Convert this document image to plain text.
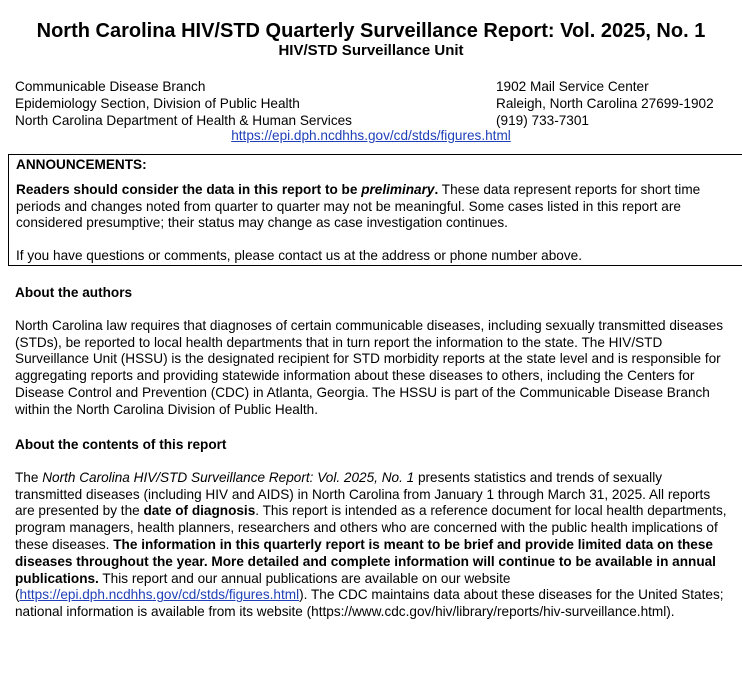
North Carolina HIV/STD Quarterly Surveillance Report: Vol. 2025, No. 1
HIV/STD Surveillance Unit
Communicable Disease Branch
Epidemiology Section, Division of Public Health
North Carolina Department of Health & Human Services
1902 Mail Service Center
Raleigh, North Carolina 27699-1902
(919) 733-7301
https://epi.dph.ncdhhs.gov/cd/stds/figures.html
ANNOUNCEMENTS:

Readers should consider the data in this report to be preliminary. These data represent reports for short time periods and changes noted from quarter to quarter may not be meaningful. Some cases listed in this report are considered presumptive; their status may change as case investigation continues.

If you have questions or comments, please contact us at the address or phone number above.

About the authors
North Carolina law requires that diagnoses of certain communicable diseases, including sexually transmitted diseases (STDs), be reported to local health departments that in turn report the information to the state. The HIV/STD Surveillance Unit (HSSU) is the designated recipient for STD morbidity reports at the state level and is responsible for aggregating reports and providing statewide information about these diseases to others, including the Centers for Disease Control and Prevention (CDC) in Atlanta, Georgia. The HSSU is part of the Communicable Disease Branch within the North Carolina Division of Public Health.
About the contents of this report
The North Carolina HIV/STD Surveillance Report: Vol. 2025, No. 1 presents statistics and trends of sexually transmitted diseases (including HIV and AIDS) in North Carolina from January 1 through March 31, 2025. All reports are presented by the date of diagnosis. This report is intended as a reference document for local health departments, program managers, health planners, researchers and others who are concerned with the public health implications of these diseases. The information in this quarterly report is meant to be brief and provide limited data on these diseases throughout the year. More detailed and complete information will continue to be available in annual publications. This report and our annual publications are available on our website (https://epi.dph.ncdhhs.gov/cd/stds/figures.html). The CDC maintains data about these diseases for the United States; national information is available from its website (https://www.cdc.gov/hiv/library/reports/hiv-surveillance.html).
